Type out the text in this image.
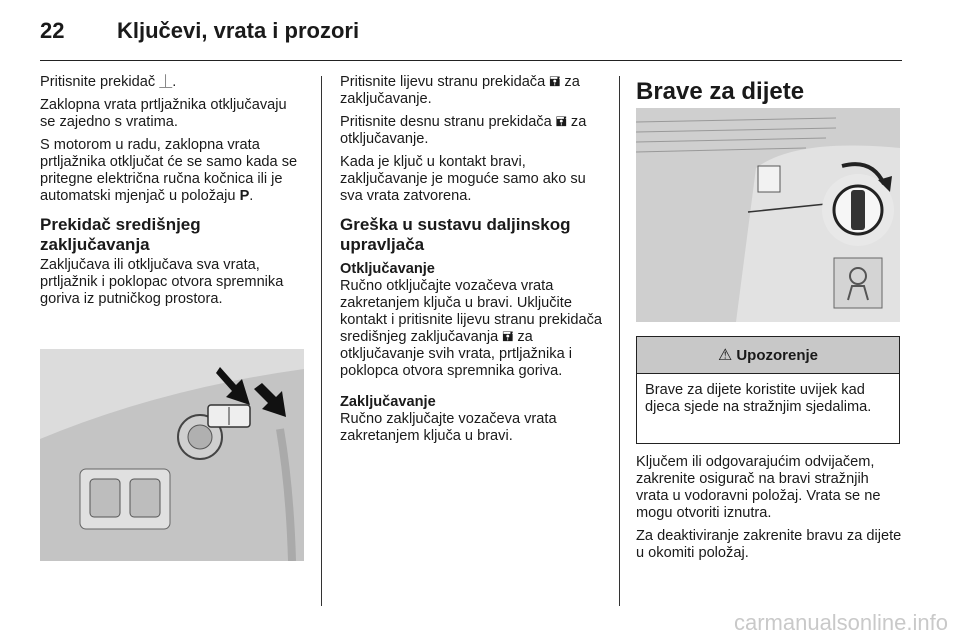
22 Ključevi, vrata i prozori

Pritisnite prekidač ⏊.

Zaklopna vrata prtljažnika otključavaju se zajedno s vratima.

S motorom u radu, zaklopna vrata prtljažnika otključat će se samo kada se pritegne električna ručna kočnica ili je automatski mjenjač u položaju P.

Prekidač središnjeg zaključavanja

Zaključava ili otključava sva vrata, prtljažnik i poklopac otvora spremnika goriva iz putničkog prostora.

Pritisnite lijevu stranu prekidača 🖬 za zaključavanje.

Pritisnite desnu stranu prekidača 🖬 za otključavanje.

Kada je ključ u kontakt bravi, zaključavanje je moguće samo ako su sva vrata zatvorena.

Greška u sustavu daljinskog upravljača
Otključavanje

Ručno otključajte vozačeva vrata zakretanjem ključa u bravi. Uključite kontakt i pritisnite lijevu stranu prekidača središnjeg zaključavanja 🖬 za otključavanje svih vrata, prtljažnika i poklopca otvora spremnika goriva.

Zaključavanje

Ručno zaključajte vozačeva vrata zakretanjem ključa u bravi.

Brave za dijete
⚠ Upozorenje
Brave za dijete koristite uvijek kad djeca sjede na stražnjim sjedalima.

Ključem ili odgovarajućim odvijačem, zakrenite osigurač na bravi stražnjih vrata u vodoravni položaj. Vrata se ne mogu otvoriti iznutra.

Za deaktiviranje zakrenite bravu za dijete u okomiti položaj.

carmanualsonline.info
